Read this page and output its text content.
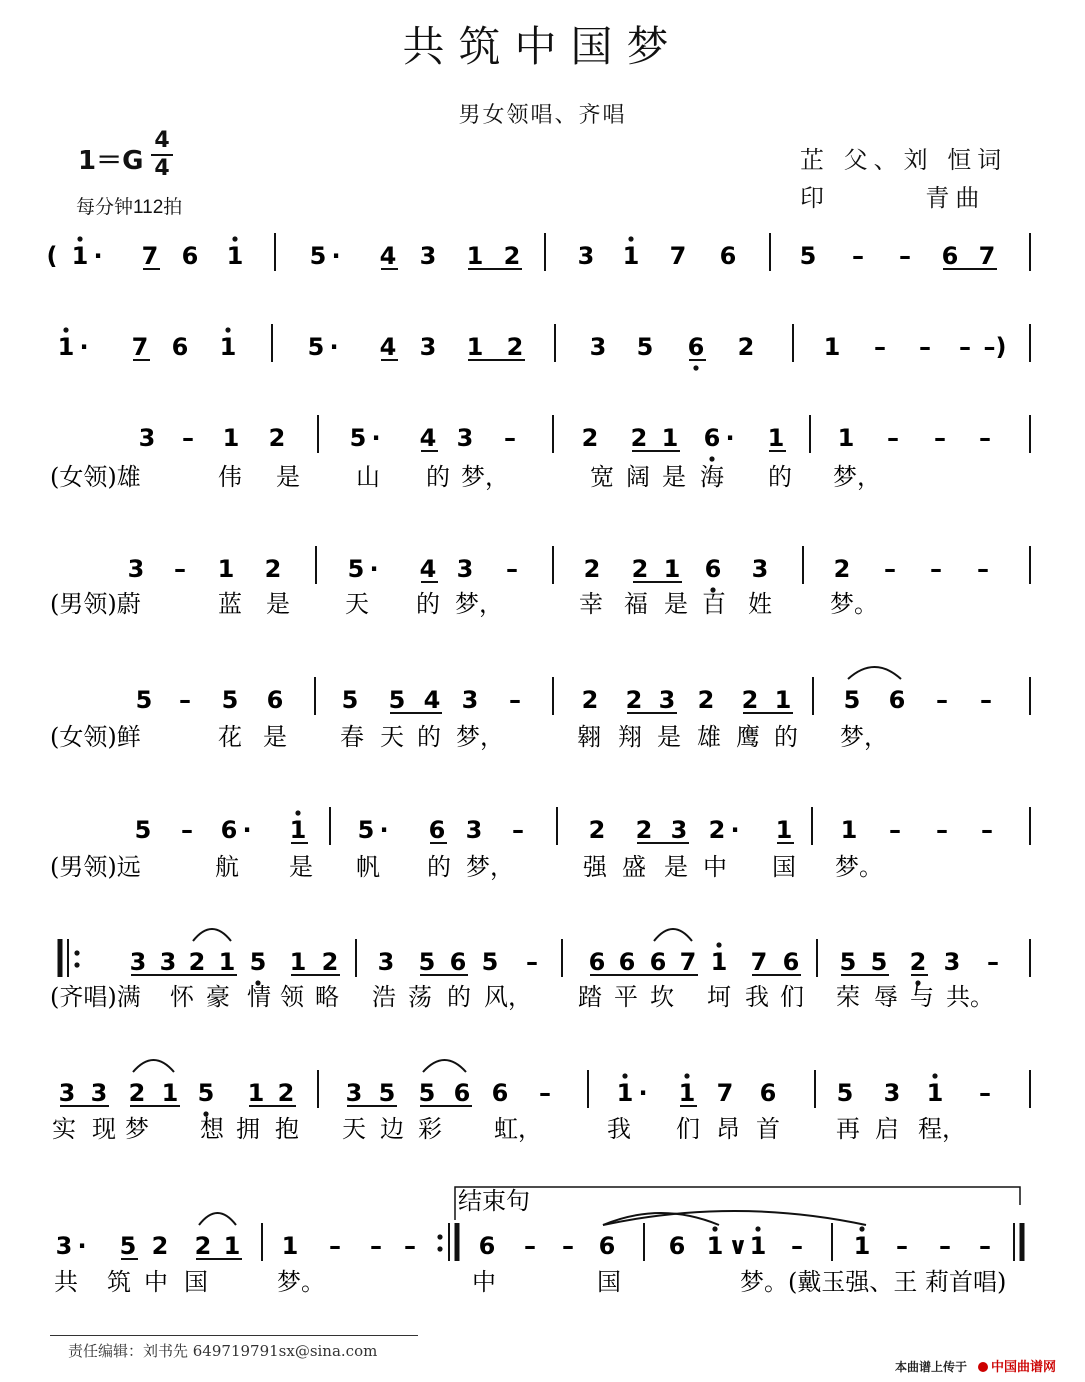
共筑中国梦
男女领唱、齐唱
1＝G
4
4
每分钟112拍
芷 父、刘 恒词
印       青曲
( 1 · 7 6 1	5 · 4 3 1 2 3 1 7 6	5 – – 6 7
1 · 7 6 1	5 · 4 3 1 2	3 5 6 2	1 – – – –)
3 – 1 2	5 · 4 3 –	2 2 1 6 · 1 1 – – –
(女领)雄	伟 是 山 的 梦，	宽 阔 是 海 的 梦，
3 – 1 2	5 · 4 3 –	2 2 1 6 3	2 – – –
(男领)蔚	蓝 是 天 的 梦，	幸 福 是 百 姓 梦。
5 – 5 6 5 5 4 3 –	2 2 3 2 2 1 5 6 – –
(女领)鲜	花 是 春 天 的 梦，	翱 翔 是 雄 鹰 的 梦，
5 – 6 · 1 5 · 6 3 –	2 2 3 2 · 1 1 – – –
(男领)远	航 是 帆 的 梦，	强 盛 是 中 国 梦。
3 3 2 1 5 1 2 3 5 6 5 – 6 6 6 7 1 7 6 5 5 2 3 –
(齐唱)满 怀 豪 情 领 略 浩 荡 的 风， 踏 平 坎 坷 我 们 荣 辱 与 共。
3 3 2 1 5 1 2 3 5 5 6 6 –	1 · 1 7 6	5 3 1 –
实 现 梦 想 拥 抱 天 边 彩 虹，	我 们 昂 首 再 启 程，
3 · 5 2 2 1 1 – – –	6 – – 6 6 1 ∨ 1 – 1 – – –
共 筑 中 国	梦。	中	国	梦。(戴玉强、王 莉首唱)
结束句
责任编辑：刘书先 649719791sx@sina.com
本曲谱上传于	中国曲谱网
